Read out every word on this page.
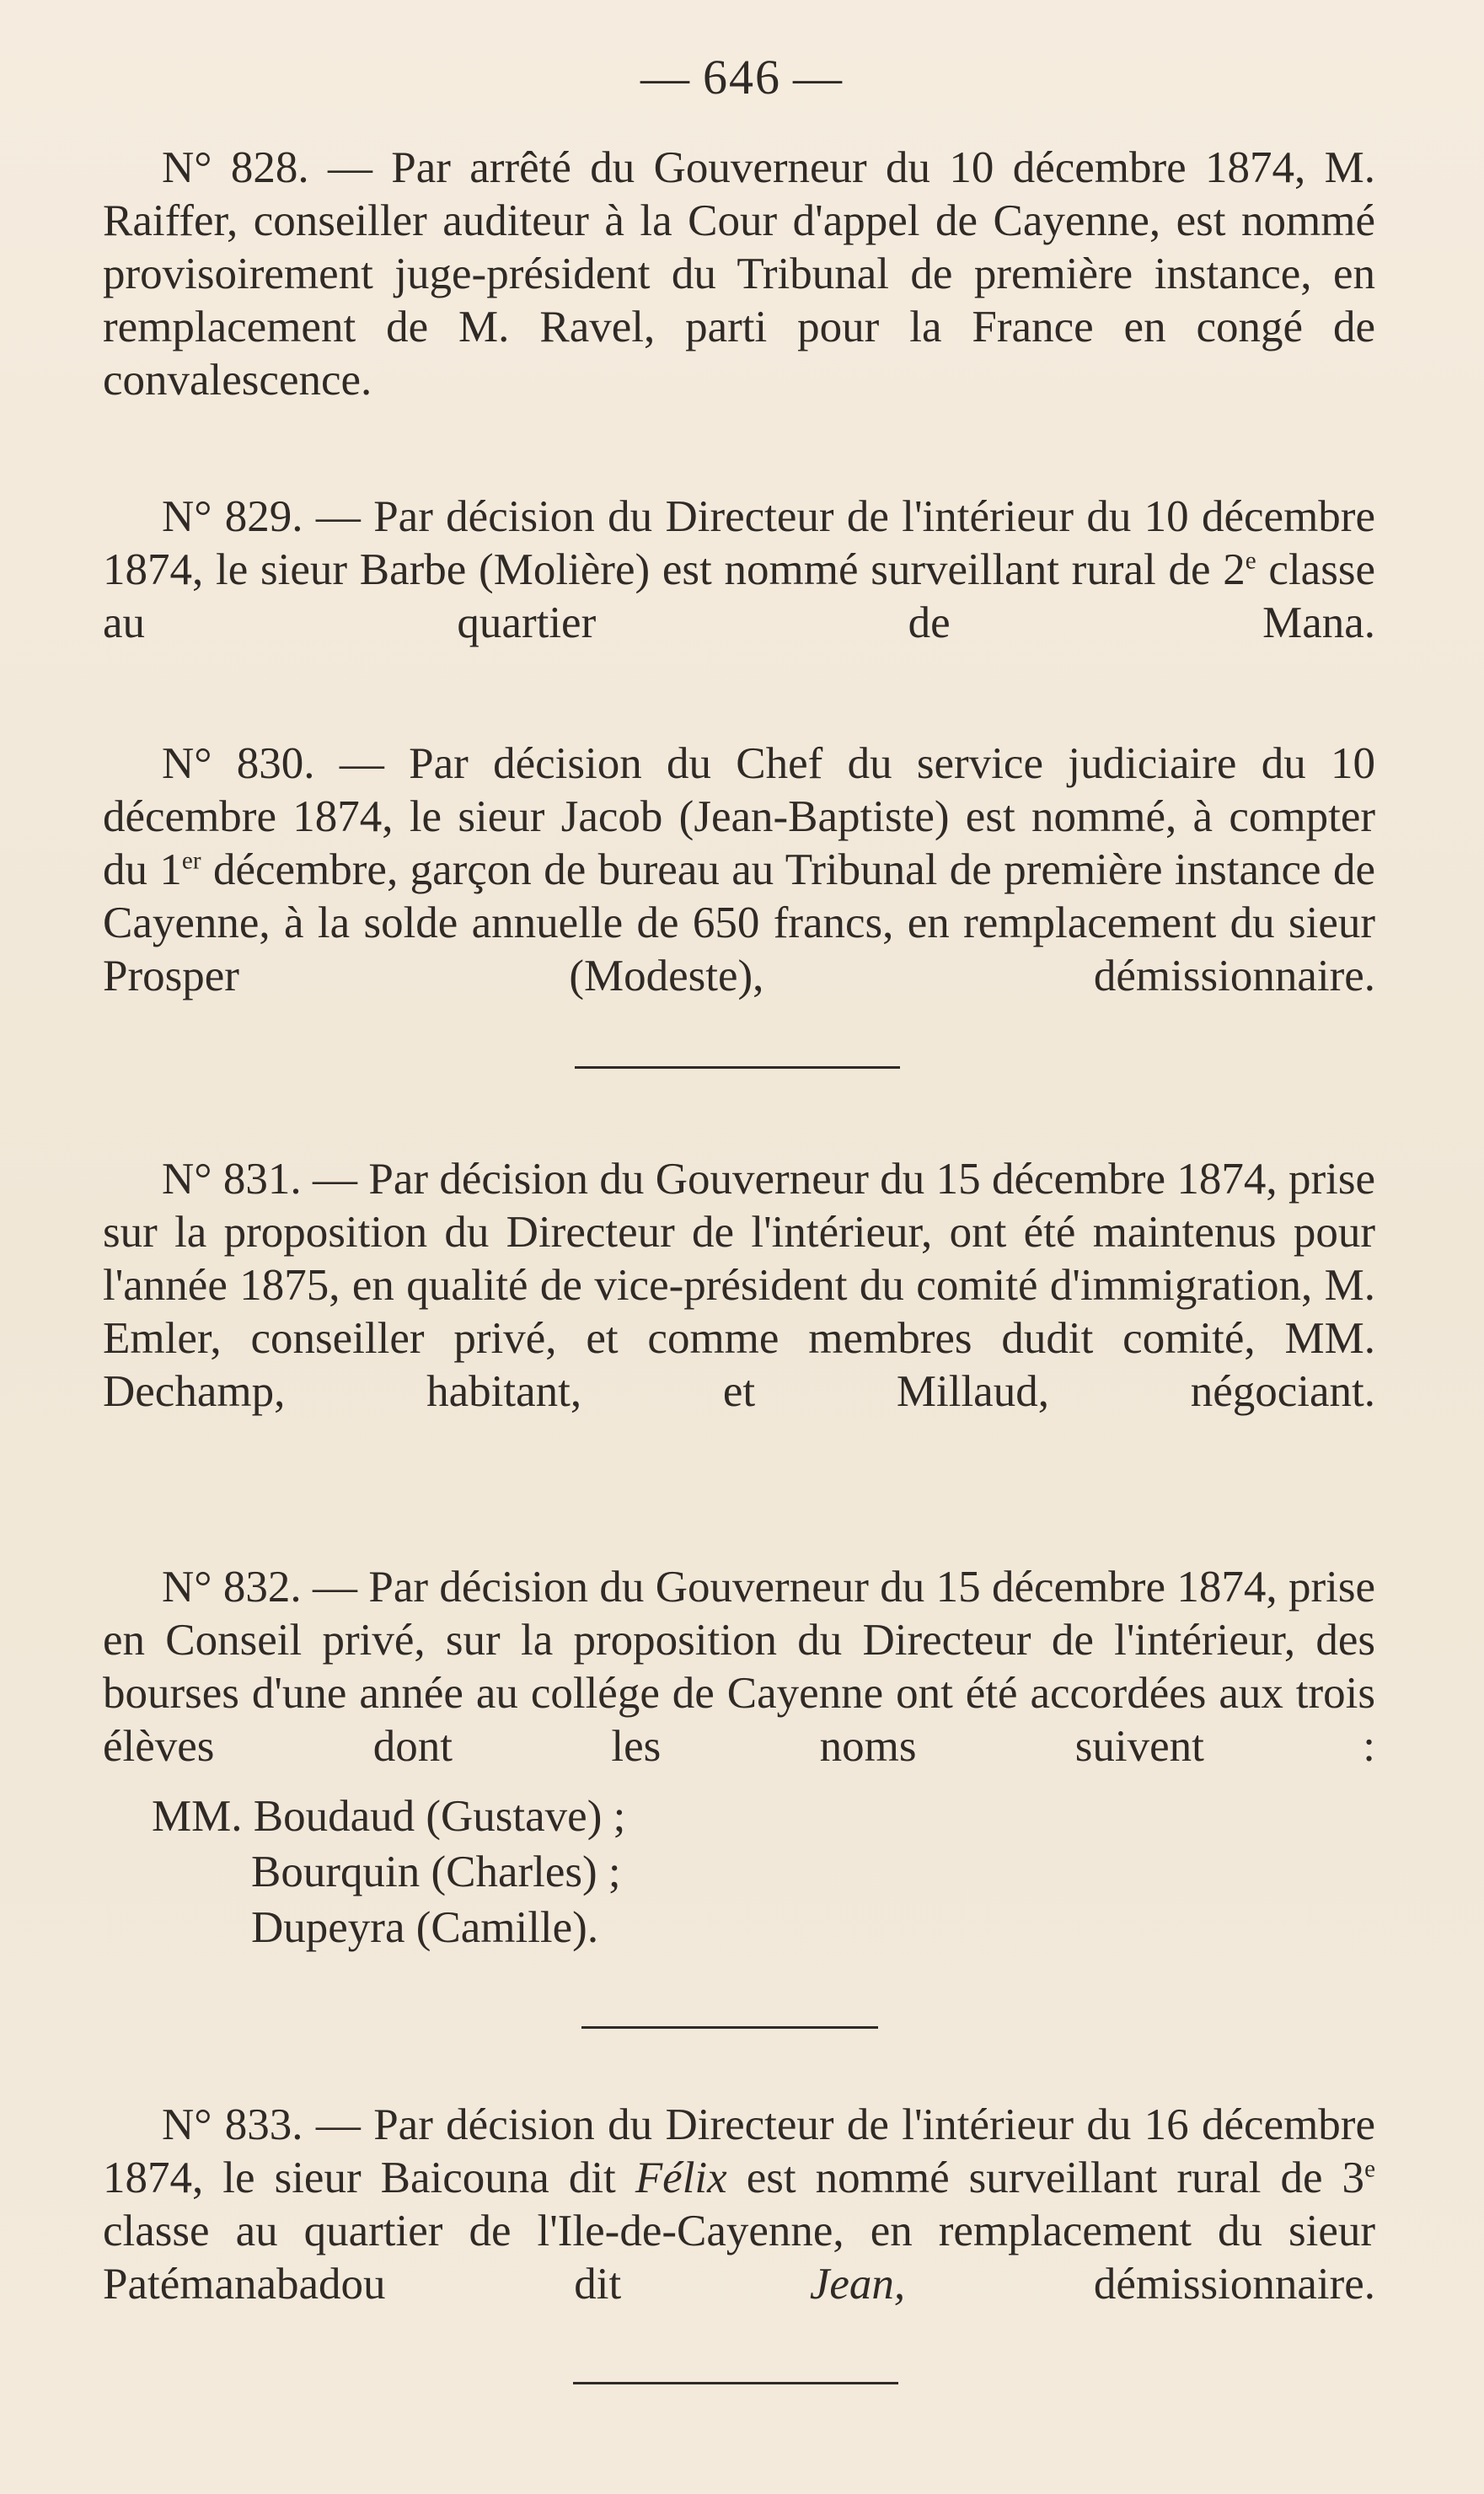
— 646 —

N° 828. — Par arrêté du Gouverneur du 10 décembre 1874, M. Raiffer, conseiller auditeur à la Cour d'appel de Cayenne, est nommé provisoirement juge-président du Tribunal de première instance, en remplacement de M. Ravel, parti pour la France en congé de convalescence.

N° 829. — Par décision du Directeur de l'intérieur du 10 décembre 1874, le sieur Barbe (Molière) est nommé surveillant rural de 2e classe au quartier de Mana.

N° 830. — Par décision du Chef du service judiciaire du 10 décembre 1874, le sieur Jacob (Jean-Baptiste) est nommé, à compter du 1er décembre, garçon de bureau au Tribunal de première instance de Cayenne, à la solde annuelle de 650 francs, en remplacement du sieur Prosper (Modeste), démissionnaire.

N° 831. — Par décision du Gouverneur du 15 décembre 1874, prise sur la proposition du Directeur de l'intérieur, ont été maintenus pour l'année 1875, en qualité de vice-président du comité d'immigration, M. Emler, conseiller privé, et comme membres dudit comité, MM. Dechamp, habitant, et Millaud, négociant.

N° 832. — Par décision du Gouverneur du 15 décembre 1874, prise en Conseil privé, sur la proposition du Directeur de l'intérieur, des bourses d'une année au collége de Cayenne ont été accordées aux trois élèves dont les noms suivent :

MM. Boudaud (Gustave) ;
Bourquin (Charles) ;
Dupeyra (Camille).

N° 833. — Par décision du Directeur de l'intérieur du 16 décembre 1874, le sieur Baicouna dit Félix est nommé surveillant rural de 3e classe au quartier de l'Ile-de-Cayenne, en remplacement du sieur Patémanabadou dit Jean, démissionnaire.
